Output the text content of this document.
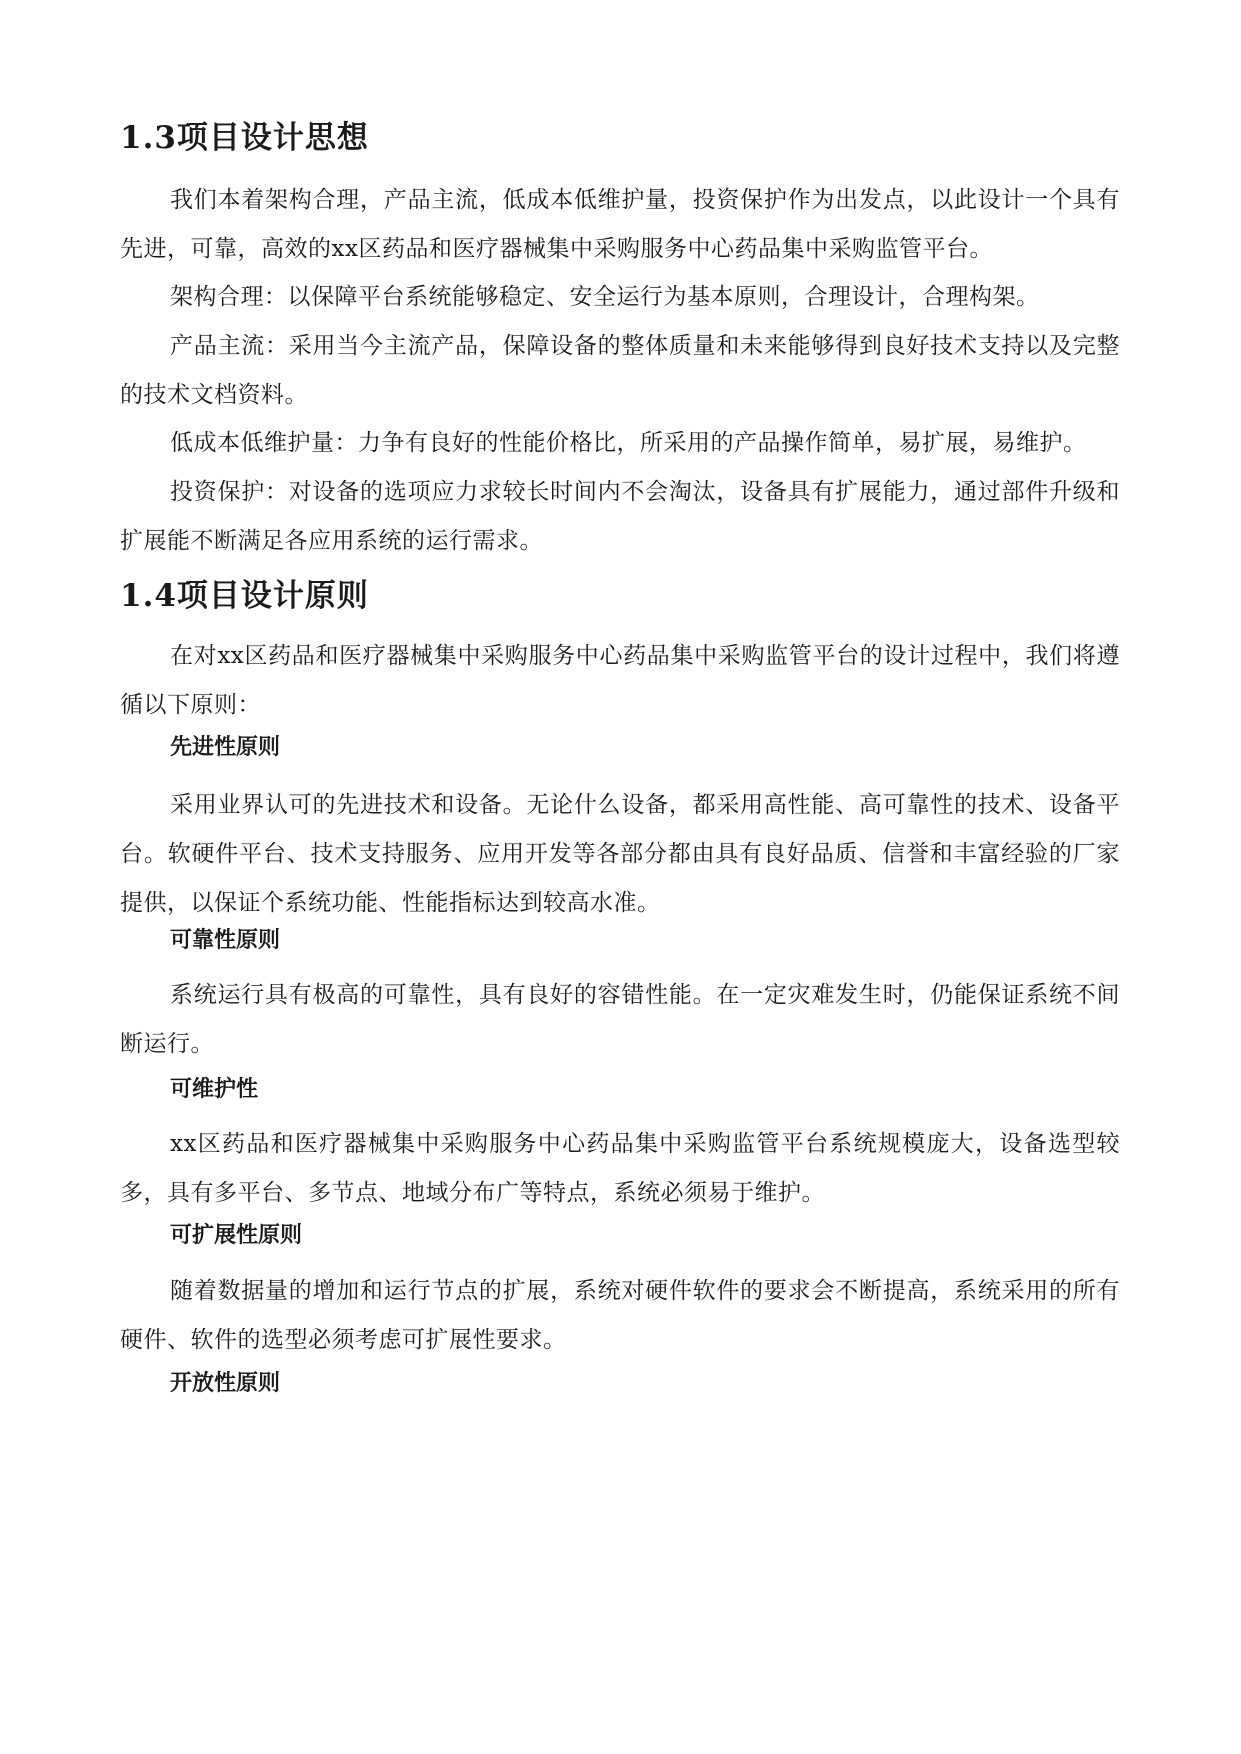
1.3项目设计思想

我们本着架构合理，产品主流，低成本低维护量，投资保护作为出发点，以此设计一个具有先进，可靠，高效的xx区药品和医疗器械集中采购服务中心药品集中采购监管平台。

架构合理：以保障平台系统能够稳定、安全运行为基本原则，合理设计，合理构架。

产品主流：采用当今主流产品，保障设备的整体质量和未来能够得到良好技术支持以及完整的技术文档资料。

低成本低维护量：力争有良好的性能价格比，所采用的产品操作简单，易扩展，易维护。

投资保护：对设备的选项应力求较长时间内不会淘汰，设备具有扩展能力，通过部件升级和扩展能不断满足各应用系统的运行需求。

1.4项目设计原则

在对xx区药品和医疗器械集中采购服务中心药品集中采购监管平台的设计过程中，我们将遵循以下原则：

先进性原则

采用业界认可的先进技术和设备。无论什么设备，都采用高性能、高可靠性的技术、设备平台。软硬件平台、技术支持服务、应用开发等各部分都由具有良好品质、信誉和丰富经验的厂家提供，以保证个系统功能、性能指标达到较高水准。

可靠性原则

系统运行具有极高的可靠性，具有良好的容错性能。在一定灾难发生时，仍能保证系统不间断运行。

可维护性

xx区药品和医疗器械集中采购服务中心药品集中采购监管平台系统规模庞大，设备选型较多，具有多平台、多节点、地域分布广等特点，系统必须易于维护。

可扩展性原则

随着数据量的增加和运行节点的扩展，系统对硬件软件的要求会不断提高，系统采用的所有硬件、软件的选型必须考虑可扩展性要求。

开放性原则
